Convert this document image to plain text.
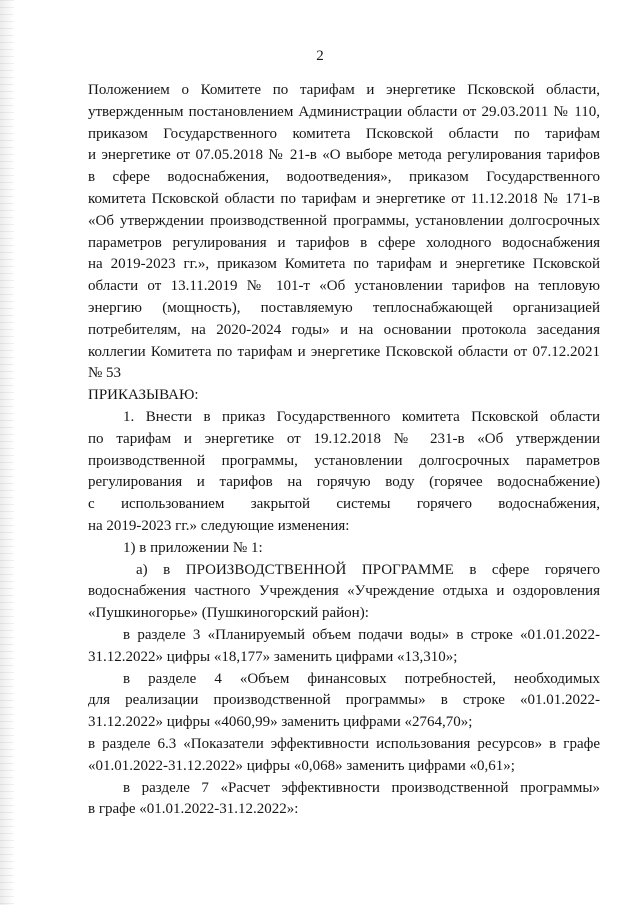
2
Положением о Комитете по тарифам и энергетике Псковской области,
утвержденным постановлением Администрации области от 29.03.2011 № 110,
приказом Государственного комитета Псковской области по тарифам
и энергетике от 07.05.2018 № 21-в «О выборе метода регулирования тарифов
в сфере водоснабжения, водоотведения», приказом Государственного
комитета Псковской области по тарифам и энергетике от 11.12.2018 № 171-в
«Об утверждении производственной программы, установлении долгосрочных
параметров регулирования и тарифов в сфере холодного водоснабжения
на 2019-2023 гг.», приказом Комитета по тарифам и энергетике Псковской
области от 13.11.2019 № 101-т «Об установлении тарифов на тепловую
энергию (мощность), поставляемую теплоснабжающей организацией
потребителям, на 2020-2024 годы» и на основании протокола заседания
коллегии Комитета по тарифам и энергетике Псковской области от 07.12.2021
№ 53
ПРИКАЗЫВАЮ:
1. Внести в приказ Государственного комитета Псковской области
по тарифам и энергетике от 19.12.2018 № 231-в «Об утверждении
производственной программы, установлении долгосрочных параметров
регулирования и тарифов на горячую воду (горячее водоснабжение)
с использованием закрытой системы горячего водоснабжения,
на 2019-2023 гг.» следующие изменения:
1) в приложении № 1:
а) в ПРОИЗВОДСТВЕННОЙ ПРОГРАММЕ в сфере горячего
водоснабжения частного Учреждения «Учреждение отдыха и оздоровления
«Пушкиногорье» (Пушкиногорский район):
в разделе 3 «Планируемый объем подачи воды» в строке «01.01.2022-
31.12.2022» цифры «18,177» заменить цифрами «13,310»;
в разделе 4 «Объем финансовых потребностей, необходимых
для реализации производственной программы» в строке «01.01.2022-
31.12.2022» цифры «4060,99» заменить цифрами «2764,70»;
в разделе 6.3 «Показатели эффективности использования ресурсов» в графе
«01.01.2022-31.12.2022» цифры «0,068» заменить цифрами «0,61»;
в разделе 7 «Расчет эффективности производственной программы»
в графе «01.01.2022-31.12.2022»:
